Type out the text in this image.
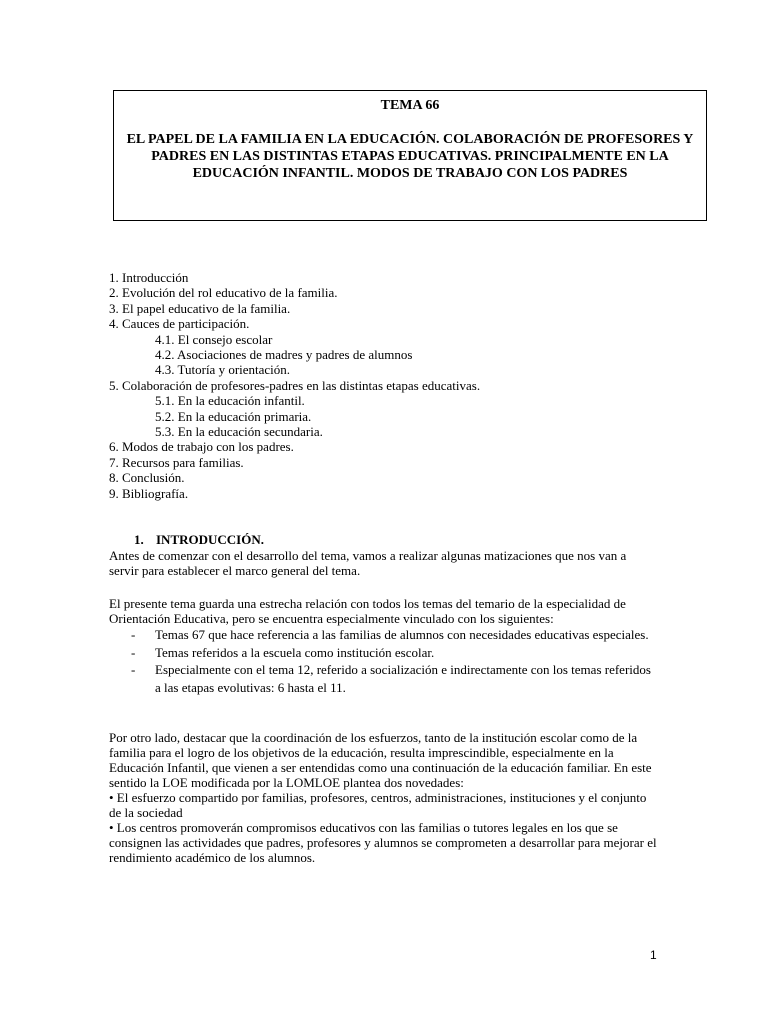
TEMA 66
EL PAPEL DE LA FAMILIA EN LA EDUCACIÓN. COLABORACIÓN DE PROFESORES Y PADRES EN LAS DISTINTAS ETAPAS EDUCATIVAS. PRINCIPALMENTE EN LA EDUCACIÓN INFANTIL. MODOS DE TRABAJO CON LOS PADRES
1. Introducción
2. Evolución del rol educativo de la familia.
3. El papel educativo de la familia.
4. Cauces de participación.
4.1. El consejo escolar
4.2. Asociaciones de madres y padres de alumnos
4.3. Tutoría y orientación.
5. Colaboración de profesores-padres en las distintas etapas educativas.
5.1. En la educación infantil.
5.2. En la educación primaria.
5.3. En la educación secundaria.
6. Modos de trabajo con los padres.
7. Recursos para familias.
8. Conclusión.
9. Bibliografía.
1. INTRODUCCIÓN.
Antes de comenzar con el desarrollo del tema, vamos a realizar algunas matizaciones que nos van a servir para establecer el marco general del tema.
El presente tema guarda una estrecha relación con todos los temas del temario de la especialidad de Orientación Educativa, pero se encuentra especialmente vinculado con los siguientes:
-	Temas 67 que hace referencia a las familias de alumnos con necesidades educativas especiales.
-	Temas referidos a la escuela como institución escolar.
-	Especialmente con el tema 12, referido a socialización e indirectamente con los temas referidos a las etapas evolutivas: 6 hasta el 11.
Por otro lado, destacar que la coordinación de los esfuerzos, tanto de la institución escolar como de la familia para el logro de los objetivos de la educación, resulta imprescindible, especialmente en la Educación Infantil, que vienen a ser entendidas como una continuación de la educación familiar. En este sentido la LOE modificada por la LOMLOE plantea dos novedades:
• El esfuerzo compartido por familias, profesores, centros, administraciones, instituciones y el conjunto de la sociedad
• Los centros promoverán compromisos educativos con las familias o tutores legales en los que se consignen las actividades que padres, profesores y alumnos se comprometen a desarrollar para mejorar el rendimiento académico de los alumnos.
1
